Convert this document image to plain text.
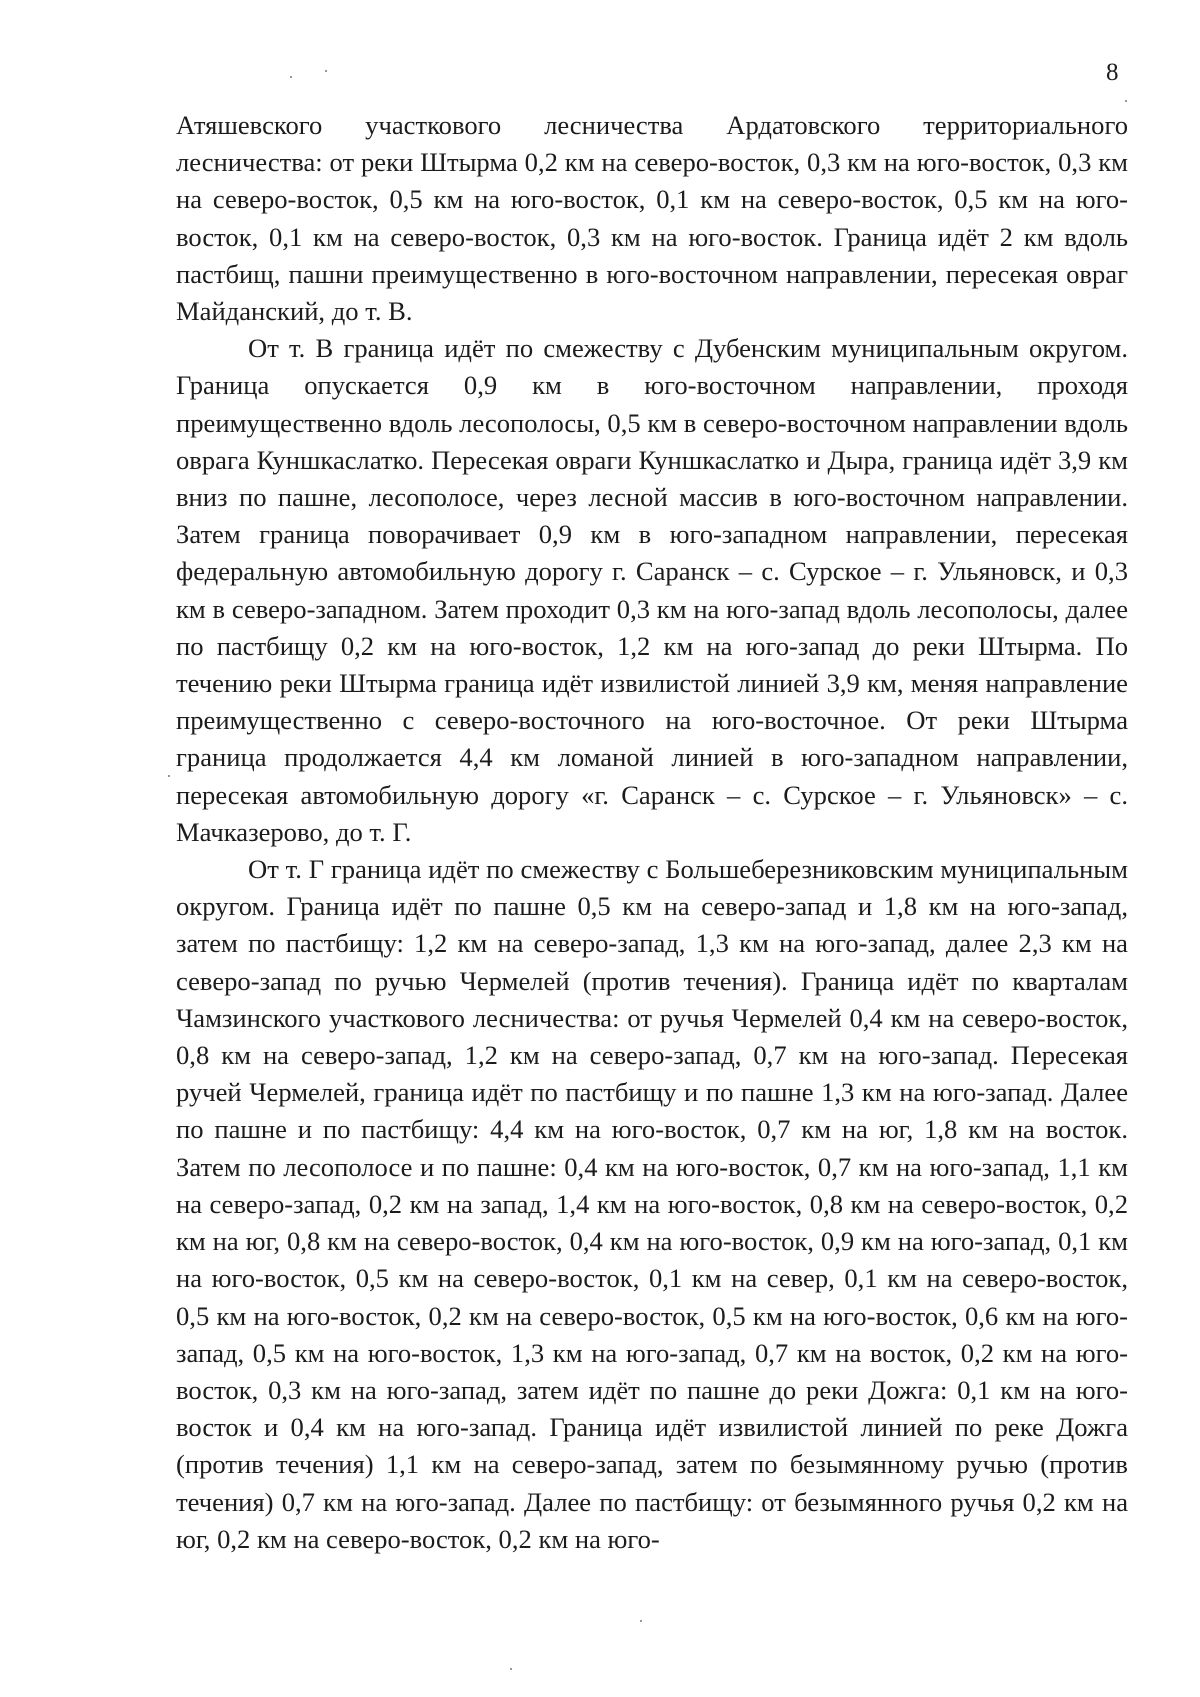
8

Атяшевского участкового лесничества Ардатовского территориального лесничества: от реки Штырма 0,2 км на северо-восток, 0,3 км на юго-восток, 0,3 км на северо-восток, 0,5 км на юго-восток, 0,1 км на северо-восток, 0,5 км на юго-восток, 0,1 км на северо-восток, 0,3 км на юго-восток. Граница идёт 2 км вдоль пастбищ, пашни преимущественно в юго-восточном направлении, пересекая овраг Майданский, до т. В.

От т. В граница идёт по смежеству с Дубенским муниципальным округом. Граница опускается 0,9 км в юго-восточном направлении, проходя преимущественно вдоль лесополосы, 0,5 км в северо-восточном направлении вдоль оврага Куншкаслатко. Пересекая овраги Куншкаслатко и Дыра, граница идёт 3,9 км вниз по пашне, лесополосе, через лесной массив в юго-восточном направлении. Затем граница поворачивает 0,9 км в юго-западном направлении, пересекая федеральную автомобильную дорогу г. Саранск – с. Сурское – г. Ульяновск, и 0,3 км в северо-западном. Затем проходит 0,3 км на юго-запад вдоль лесополосы, далее по пастбищу 0,2 км на юго-восток, 1,2 км на юго-запад до реки Штырма. По течению реки Штырма граница идёт извилистой линией 3,9 км, меняя направление преимущественно с северо-восточного на юго-восточное. От реки Штырма граница продолжается 4,4 км ломаной линией в юго-западном направлении, пересекая автомобильную дорогу «г. Саранск – с. Сурское – г. Ульяновск» – с. Мачказерово, до т. Г.

От т. Г граница идёт по смежеству с Большеберезниковским муниципальным округом. Граница идёт по пашне 0,5 км на северо-запад и 1,8 км на юго-запад, затем по пастбищу: 1,2 км на северо-запад, 1,3 км на юго-запад, далее 2,3 км на северо-запад по ручью Чермелей (против течения). Граница идёт по кварталам Чамзинского участкового лесничества: от ручья Чермелей 0,4 км на северо-восток, 0,8 км на северо-запад, 1,2 км на северо-запад, 0,7 км на юго-запад. Пересекая ручей Чермелей, граница идёт по пастбищу и по пашне 1,3 км на юго-запад. Далее по пашне и по пастбищу: 4,4 км на юго-восток, 0,7 км на юг, 1,8 км на восток. Затем по лесополосе и по пашне: 0,4 км на юго-восток, 0,7 км на юго-запад, 1,1 км на северо-запад, 0,2 км на запад, 1,4 км на юго-восток, 0,8 км на северо-восток, 0,2 км на юг, 0,8 км на северо-восток, 0,4 км на юго-восток, 0,9 км на юго-запад, 0,1 км на юго-восток, 0,5 км на северо-восток, 0,1 км на север, 0,1 км на северо-восток, 0,5 км на юго-восток, 0,2 км на северо-восток, 0,5 км на юго-восток, 0,6 км на юго-запад, 0,5 км на юго-восток, 1,3 км на юго-запад, 0,7 км на восток, 0,2 км на юго-восток, 0,3 км на юго-запад, затем идёт по пашне до реки Дожга: 0,1 км на юго-восток и 0,4 км на юго-запад. Граница идёт извилистой линией по реке Дожга (против течения) 1,1 км на северо-запад, затем по безымянному ручью (против течения) 0,7 км на юго-запад. Далее по пастбищу: от безымянного ручья 0,2 км на юг, 0,2 км на северо-восток, 0,2 км на юго-
